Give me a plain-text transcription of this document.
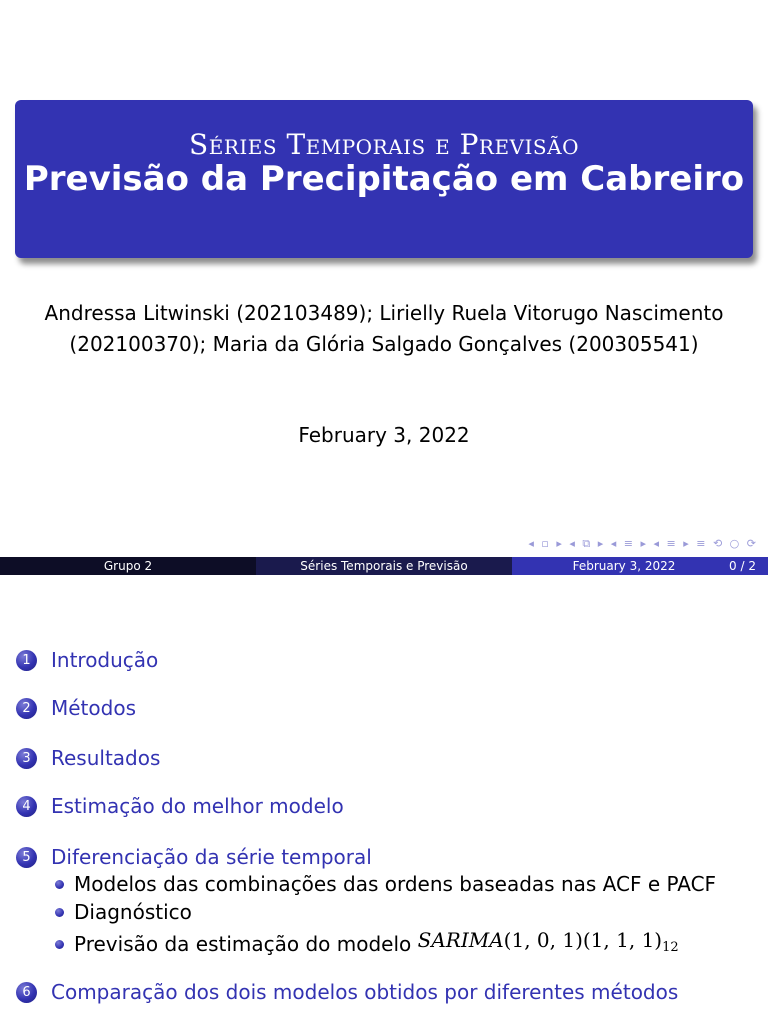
Séries Temporais e Previsão
Previsão da Precipitação em Cabreiro
Andressa Litwinski (202103489); Lirielly Ruela Vitorugo Nascimento (202100370); Maria da Glória Salgado Gonçalves (200305541)
February 3, 2022
◂ ▫ ▸ ◂ ⧉ ▸ ◂ ≡ ▸ ◂ ≡ ▸ ≡ ⟲ ○ ⟳
Grupo 2	Séries Temporais e Previsão	February 3, 2022	0 / 2
1	Introdução
2	Métodos
3	Resultados
4	Estimação do melhor modelo
5	Diferenciação da série temporal
Modelos das combinações das ordens baseadas nas ACF e PACF
Diagnóstico
Previsão da estimação do modelo SARIMA(1, 0, 1)(1, 1, $1)_{12}$
6	Comparação dos dois modelos obtidos por diferentes métodos
